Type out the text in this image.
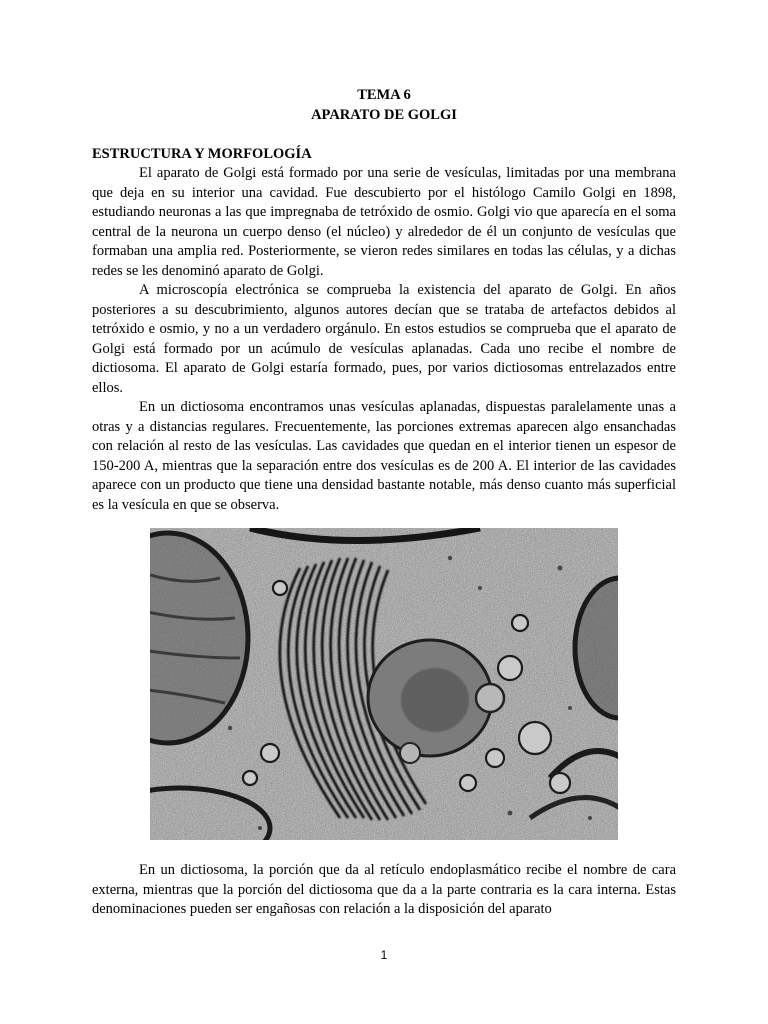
TEMA 6
APARATO DE GOLGI
ESTRUCTURA Y MORFOLOGÍA

El aparato de Golgi está formado por una serie de vesículas, limitadas por una membrana que deja en su interior una cavidad. Fue descubierto por el histólogo Camilo Golgi en 1898, estudiando neuronas a las que impregnaba de tetróxido de osmio. Golgi vio que aparecía en el soma central de la neurona un cuerpo denso (el núcleo) y alrededor de él un conjunto de vesículas que formaban una amplia red. Posteriormente, se vieron redes similares en todas las células, y a dichas redes se les denominó aparato de Golgi.

A microscopía electrónica se comprueba la existencia del aparato de Golgi. En años posteriores a su descubrimiento, algunos autores decían que se trataba de artefactos debidos al tetróxido e osmio, y no a un verdadero orgánulo. En estos estudios se comprueba que el aparato de Golgi está formado por un acúmulo de vesículas aplanadas. Cada uno recibe el nombre de dictiosoma. El aparato de Golgi estaría formado, pues, por varios dictiosomas entrelazados entre ellos.

En un dictiosoma encontramos unas vesículas aplanadas, dispuestas paralelamente unas a otras y a distancias regulares. Frecuentemente, las porciones extremas aparecen algo ensanchadas con relación al resto de las vesículas. Las cavidades que quedan en el interior tienen un espesor de 150-200 A, mientras que la separación entre dos vesículas es de 200 A. El interior de las cavidades aparece con un producto que tiene una densidad bastante notable, más denso cuanto más superficial es la vesícula en que se observa.

En un dictiosoma, la porción que da al retículo endoplasmático recibe el nombre de cara externa, mientras que la porción del dictiosoma que da a la parte contraria es la cara interna. Estas denominaciones pueden ser engañosas con relación a la disposición del aparato

1
